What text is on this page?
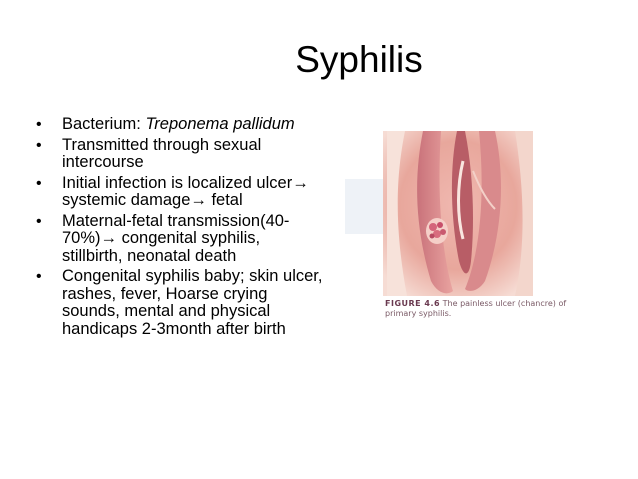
Syphilis
• Bacterium: Treponema pallidum
• Transmitted through sexual intercourse
• Initial infection is localized ulcer→ systemic damage→ fetal
• Maternal-fetal transmission(40-70%)→ congenital syphilis, stillbirth, neonatal death
• Congenital syphilis baby; skin ulcer, rashes, fever, Hoarse crying sounds, mental and physical handicaps 2-3month after birth
FIGURE 4.6 The painless ulcer (chancre) of primary syphilis.
